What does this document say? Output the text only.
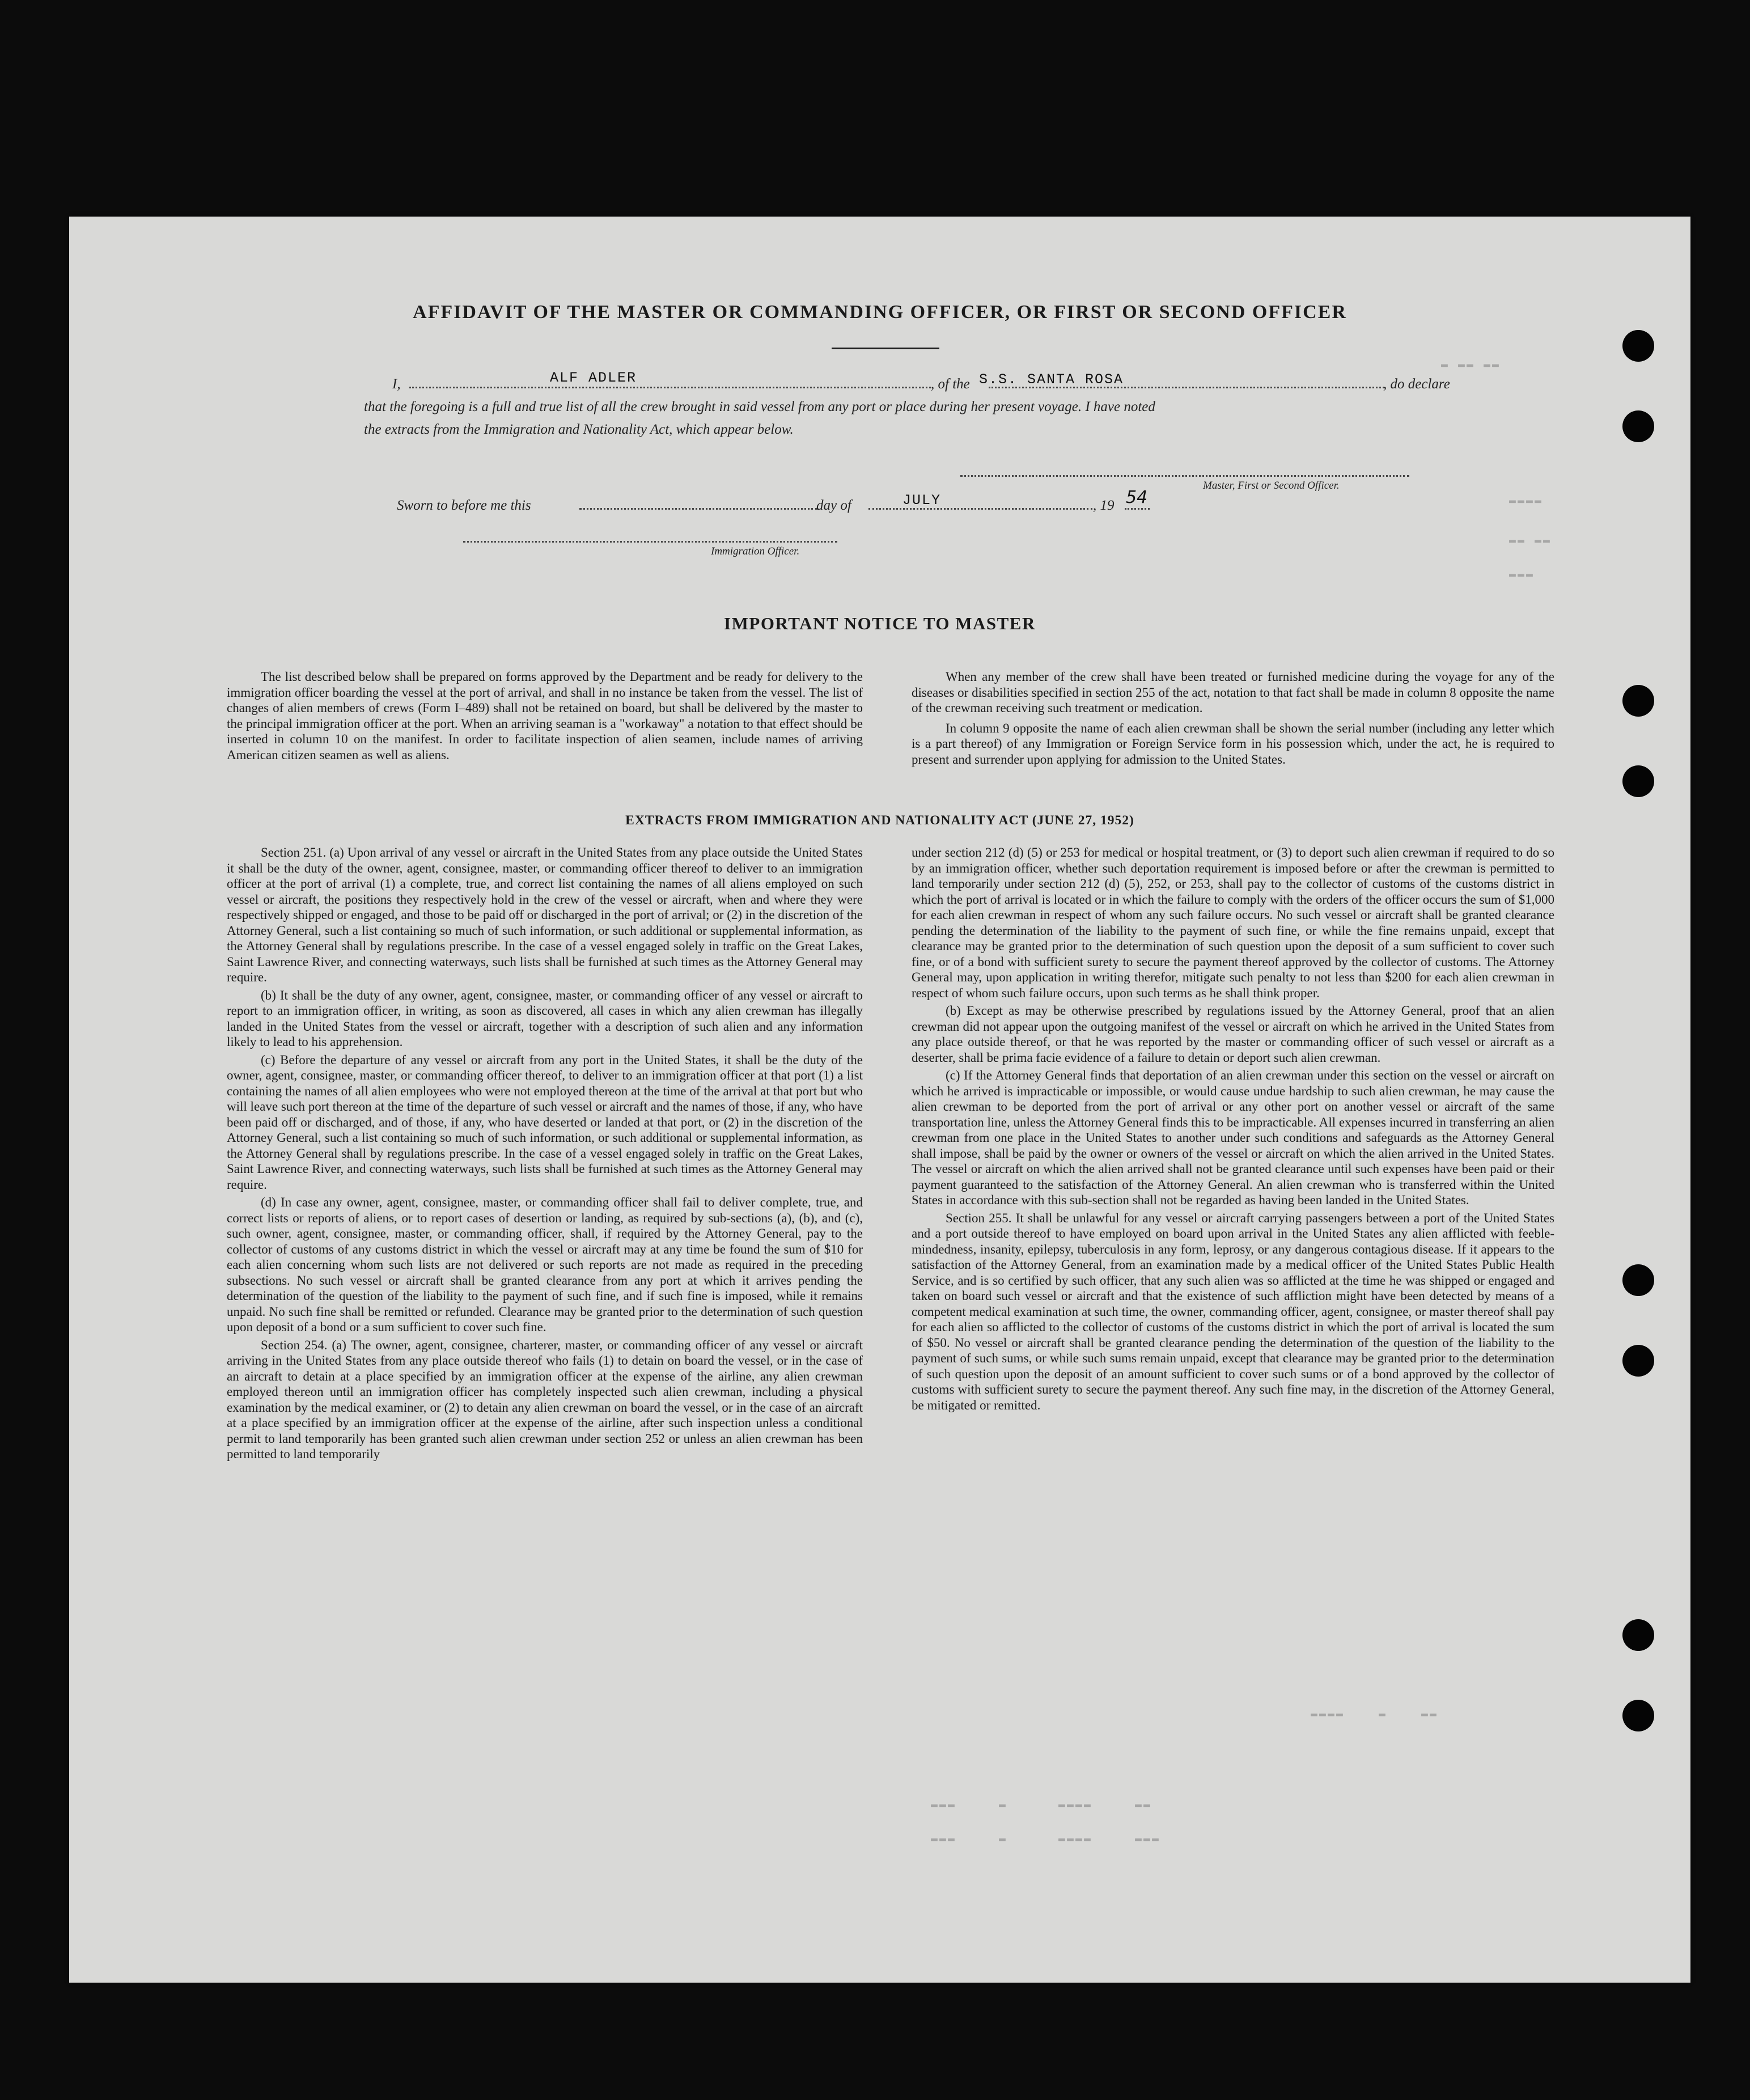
▬ ▬▬ ▬▬
▬▬▬▬
▬▬ ▬▬
▬▬▬
▬▬▬▬    ▬    ▬▬
▬▬▬     ▬      ▬▬▬▬     ▬▬
▬▬▬     ▬      ▬▬▬▬     ▬▬▬
AFFIDAVIT OF THE MASTER OR COMMANDING OFFICER, OR FIRST OR SECOND OFFICER
I,	ALF ADLER	, of the S.S. SANTA ROSA	, do declare
that the foregoing is a full and true list of all the crew brought in said vessel from any port or place during her present voyage. I have noted
the extracts from the Immigration and Nationality Act, which appear below.
Master, First or Second Officer.
Sworn to before me this	day of	JULY	, 19 54
Immigration Officer.
IMPORTANT NOTICE TO MASTER

The list described below shall be prepared on forms approved by the Department and be ready for delivery to the immigration officer boarding the vessel at the port of arrival, and shall in no instance be taken from the vessel. The list of changes of alien members of crews (Form I–489) shall not be retained on board, but shall be delivered by the master to the principal immigration officer at the port. When an arriving seaman is a "workaway" a notation to that effect should be inserted in column 10 on the manifest. In order to facilitate inspection of alien seamen, include names of arriving American citizen seamen as well as aliens.

When any member of the crew shall have been treated or furnished medicine during the voyage for any of the diseases or disabilities specified in section 255 of the act, notation to that fact shall be made in column 8 opposite the name of the crewman receiving such treatment or medication.

In column 9 opposite the name of each alien crewman shall be shown the serial number (including any letter which is a part thereof) of any Immigration or Foreign Service form in his possession which, under the act, he is required to present and surrender upon applying for admission to the United States.

EXTRACTS FROM IMMIGRATION AND NATIONALITY ACT (JUNE 27, 1952)

Section 251. (a) Upon arrival of any vessel or aircraft in the United States from any place outside the United States it shall be the duty of the owner, agent, consignee, master, or commanding officer thereof to deliver to an immigration officer at the port of arrival (1) a complete, true, and correct list containing the names of all aliens employed on such vessel or aircraft, the positions they respectively hold in the crew of the vessel or aircraft, when and where they were respectively shipped or engaged, and those to be paid off or discharged in the port of arrival; or (2) in the discretion of the Attorney General, such a list containing so much of such information, or such additional or supplemental information, as the Attorney General shall by regulations prescribe. In the case of a vessel engaged solely in traffic on the Great Lakes, Saint Lawrence River, and connecting waterways, such lists shall be furnished at such times as the Attorney General may require.

(b) It shall be the duty of any owner, agent, consignee, master, or commanding officer of any vessel or aircraft to report to an immigration officer, in writing, as soon as discovered, all cases in which any alien crewman has illegally landed in the United States from the vessel or aircraft, together with a description of such alien and any information likely to lead to his apprehension.

(c) Before the departure of any vessel or aircraft from any port in the United States, it shall be the duty of the owner, agent, consignee, master, or commanding officer thereof, to deliver to an immigration officer at that port (1) a list containing the names of all alien employees who were not employed thereon at the time of the arrival at that port but who will leave such port thereon at the time of the departure of such vessel or aircraft and the names of those, if any, who have been paid off or discharged, and of those, if any, who have deserted or landed at that port, or (2) in the discretion of the Attorney General, such a list containing so much of such information, or such additional or supplemental information, as the Attorney General shall by regulations prescribe. In the case of a vessel engaged solely in traffic on the Great Lakes, Saint Lawrence River, and connecting waterways, such lists shall be furnished at such times as the Attorney General may require.

(d) In case any owner, agent, consignee, master, or commanding officer shall fail to deliver complete, true, and correct lists or reports of aliens, or to report cases of desertion or landing, as required by sub-sections (a), (b), and (c), such owner, agent, consignee, master, or commanding officer, shall, if required by the Attorney General, pay to the collector of customs of any customs district in which the vessel or aircraft may at any time be found the sum of $10 for each alien concerning whom such lists are not delivered or such reports are not made as required in the preceding subsections. No such vessel or aircraft shall be granted clearance from any port at which it arrives pending the determination of the question of the liability to the payment of such fine, and if such fine is imposed, while it remains unpaid. No such fine shall be remitted or refunded. Clearance may be granted prior to the determination of such question upon deposit of a bond or a sum sufficient to cover such fine.

Section 254. (a) The owner, agent, consignee, charterer, master, or commanding officer of any vessel or aircraft arriving in the United States from any place outside thereof who fails (1) to detain on board the vessel, or in the case of an aircraft to detain at a place specified by an immigration officer at the expense of the airline, any alien crewman employed thereon until an immigration officer has completely inspected such alien crewman, including a physical examination by the medical examiner, or (2) to detain any alien crewman on board the vessel, or in the case of an aircraft at a place specified by an immigration officer at the expense of the airline, after such inspection unless a conditional permit to land temporarily has been granted such alien crewman under section 252 or unless an alien crewman has been permitted to land temporarily

under section 212 (d) (5) or 253 for medical or hospital treatment, or (3) to deport such alien crewman if required to do so by an immigration officer, whether such deportation requirement is imposed before or after the crewman is permitted to land temporarily under section 212 (d) (5), 252, or 253, shall pay to the collector of customs of the customs district in which the port of arrival is located or in which the failure to comply with the orders of the officer occurs the sum of $1,000 for each alien crewman in respect of whom any such failure occurs. No such vessel or aircraft shall be granted clearance pending the determination of the liability to the payment of such fine, or while the fine remains unpaid, except that clearance may be granted prior to the determination of such question upon the deposit of a sum sufficient to cover such fine, or of a bond with sufficient surety to secure the payment thereof approved by the collector of customs. The Attorney General may, upon application in writing therefor, mitigate such penalty to not less than $200 for each alien crewman in respect of whom such failure occurs, upon such terms as he shall think proper.

(b) Except as may be otherwise prescribed by regulations issued by the Attorney General, proof that an alien crewman did not appear upon the outgoing manifest of the vessel or aircraft on which he arrived in the United States from any place outside thereof, or that he was reported by the master or commanding officer of such vessel or aircraft as a deserter, shall be prima facie evidence of a failure to detain or deport such alien crewman.

(c) If the Attorney General finds that deportation of an alien crewman under this section on the vessel or aircraft on which he arrived is impracticable or impossible, or would cause undue hardship to such alien crewman, he may cause the alien crewman to be deported from the port of arrival or any other port on another vessel or aircraft of the same transportation line, unless the Attorney General finds this to be impracticable. All expenses incurred in transferring an alien crewman from one place in the United States to another under such conditions and safeguards as the Attorney General shall impose, shall be paid by the owner or owners of the vessel or aircraft on which the alien arrived in the United States. The vessel or aircraft on which the alien arrived shall not be granted clearance until such expenses have been paid or their payment guaranteed to the satisfaction of the Attorney General. An alien crewman who is transferred within the United States in accordance with this sub-section shall not be regarded as having been landed in the United States.

Section 255. It shall be unlawful for any vessel or aircraft carrying passengers between a port of the United States and a port outside thereof to have employed on board upon arrival in the United States any alien afflicted with feeble-mindedness, insanity, epilepsy, tuberculosis in any form, leprosy, or any dangerous contagious disease. If it appears to the satisfaction of the Attorney General, from an examination made by a medical officer of the United States Public Health Service, and is so certified by such officer, that any such alien was so afflicted at the time he was shipped or engaged and taken on board such vessel or aircraft and that the existence of such affliction might have been detected by means of a competent medical examination at such time, the owner, commanding officer, agent, consignee, or master thereof shall pay for each alien so afflicted to the collector of customs of the customs district in which the port of arrival is located the sum of $50. No vessel or aircraft shall be granted clearance pending the determination of the question of the liability to the payment of such sums, or while such sums remain unpaid, except that clearance may be granted prior to the determination of such question upon the deposit of an amount sufficient to cover such sums or of a bond approved by the collector of customs with sufficient surety to secure the payment thereof. Any such fine may, in the discretion of the Attorney General, be mitigated or remitted.
